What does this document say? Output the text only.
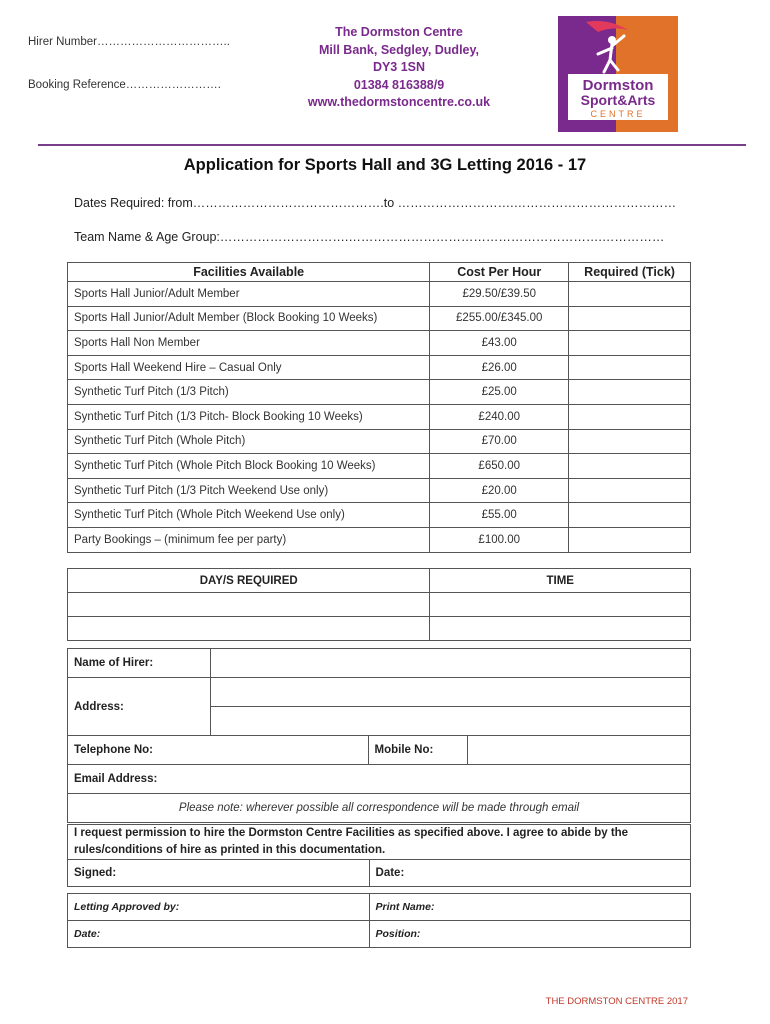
Hirer Number……………………………..
Booking Reference…………………….
The Dormston Centre
Mill Bank, Sedgley, Dudley,
DY3 1SN
01384 816388/9
www.thedormstoncentre.co.uk
Dormston
Sport&Arts
CENTRE
Application for Sports Hall and 3G Letting 2016 - 17
Dates Required: from……………………………………….to ……………………….…………………………………
Team Name & Age Group:………………………….…………………………………………………….……………
Facilities Available	Cost Per Hour	Required (Tick)
Sports Hall Junior/Adult Member	£29.50/£39.50	
Sports Hall Junior/Adult Member (Block Booking 10 Weeks)	£255.00/£345.00	
Sports Hall Non Member	£43.00	
Sports Hall Weekend Hire – Casual Only	£26.00	
Synthetic Turf Pitch (1/3 Pitch)	£25.00	
Synthetic Turf Pitch (1/3 Pitch- Block Booking 10 Weeks)	£240.00	
Synthetic Turf Pitch (Whole Pitch)	£70.00	
Synthetic Turf Pitch (Whole Pitch Block Booking 10 Weeks)	£650.00	
Synthetic Turf Pitch (1/3 Pitch Weekend Use only)	£20.00	
Synthetic Turf Pitch (Whole Pitch Weekend Use only)	£55.00	
Party Bookings – (minimum fee per party)	£100.00	
DAY/S REQUIRED	TIME

Name of Hirer:			
Address:			

Telephone No:		Mobile No:	
Email Address:			
Please note: wherever possible all correspondence will be made through email			
I request permission to hire the Dormston Centre Facilities as specified above. I agree to abide by the rules/conditions of hire as printed in this documentation.
Signed:	Date:
Letting Approved by:	Print Name:
Date:	Position:
THE DORMSTON CENTRE 2017
